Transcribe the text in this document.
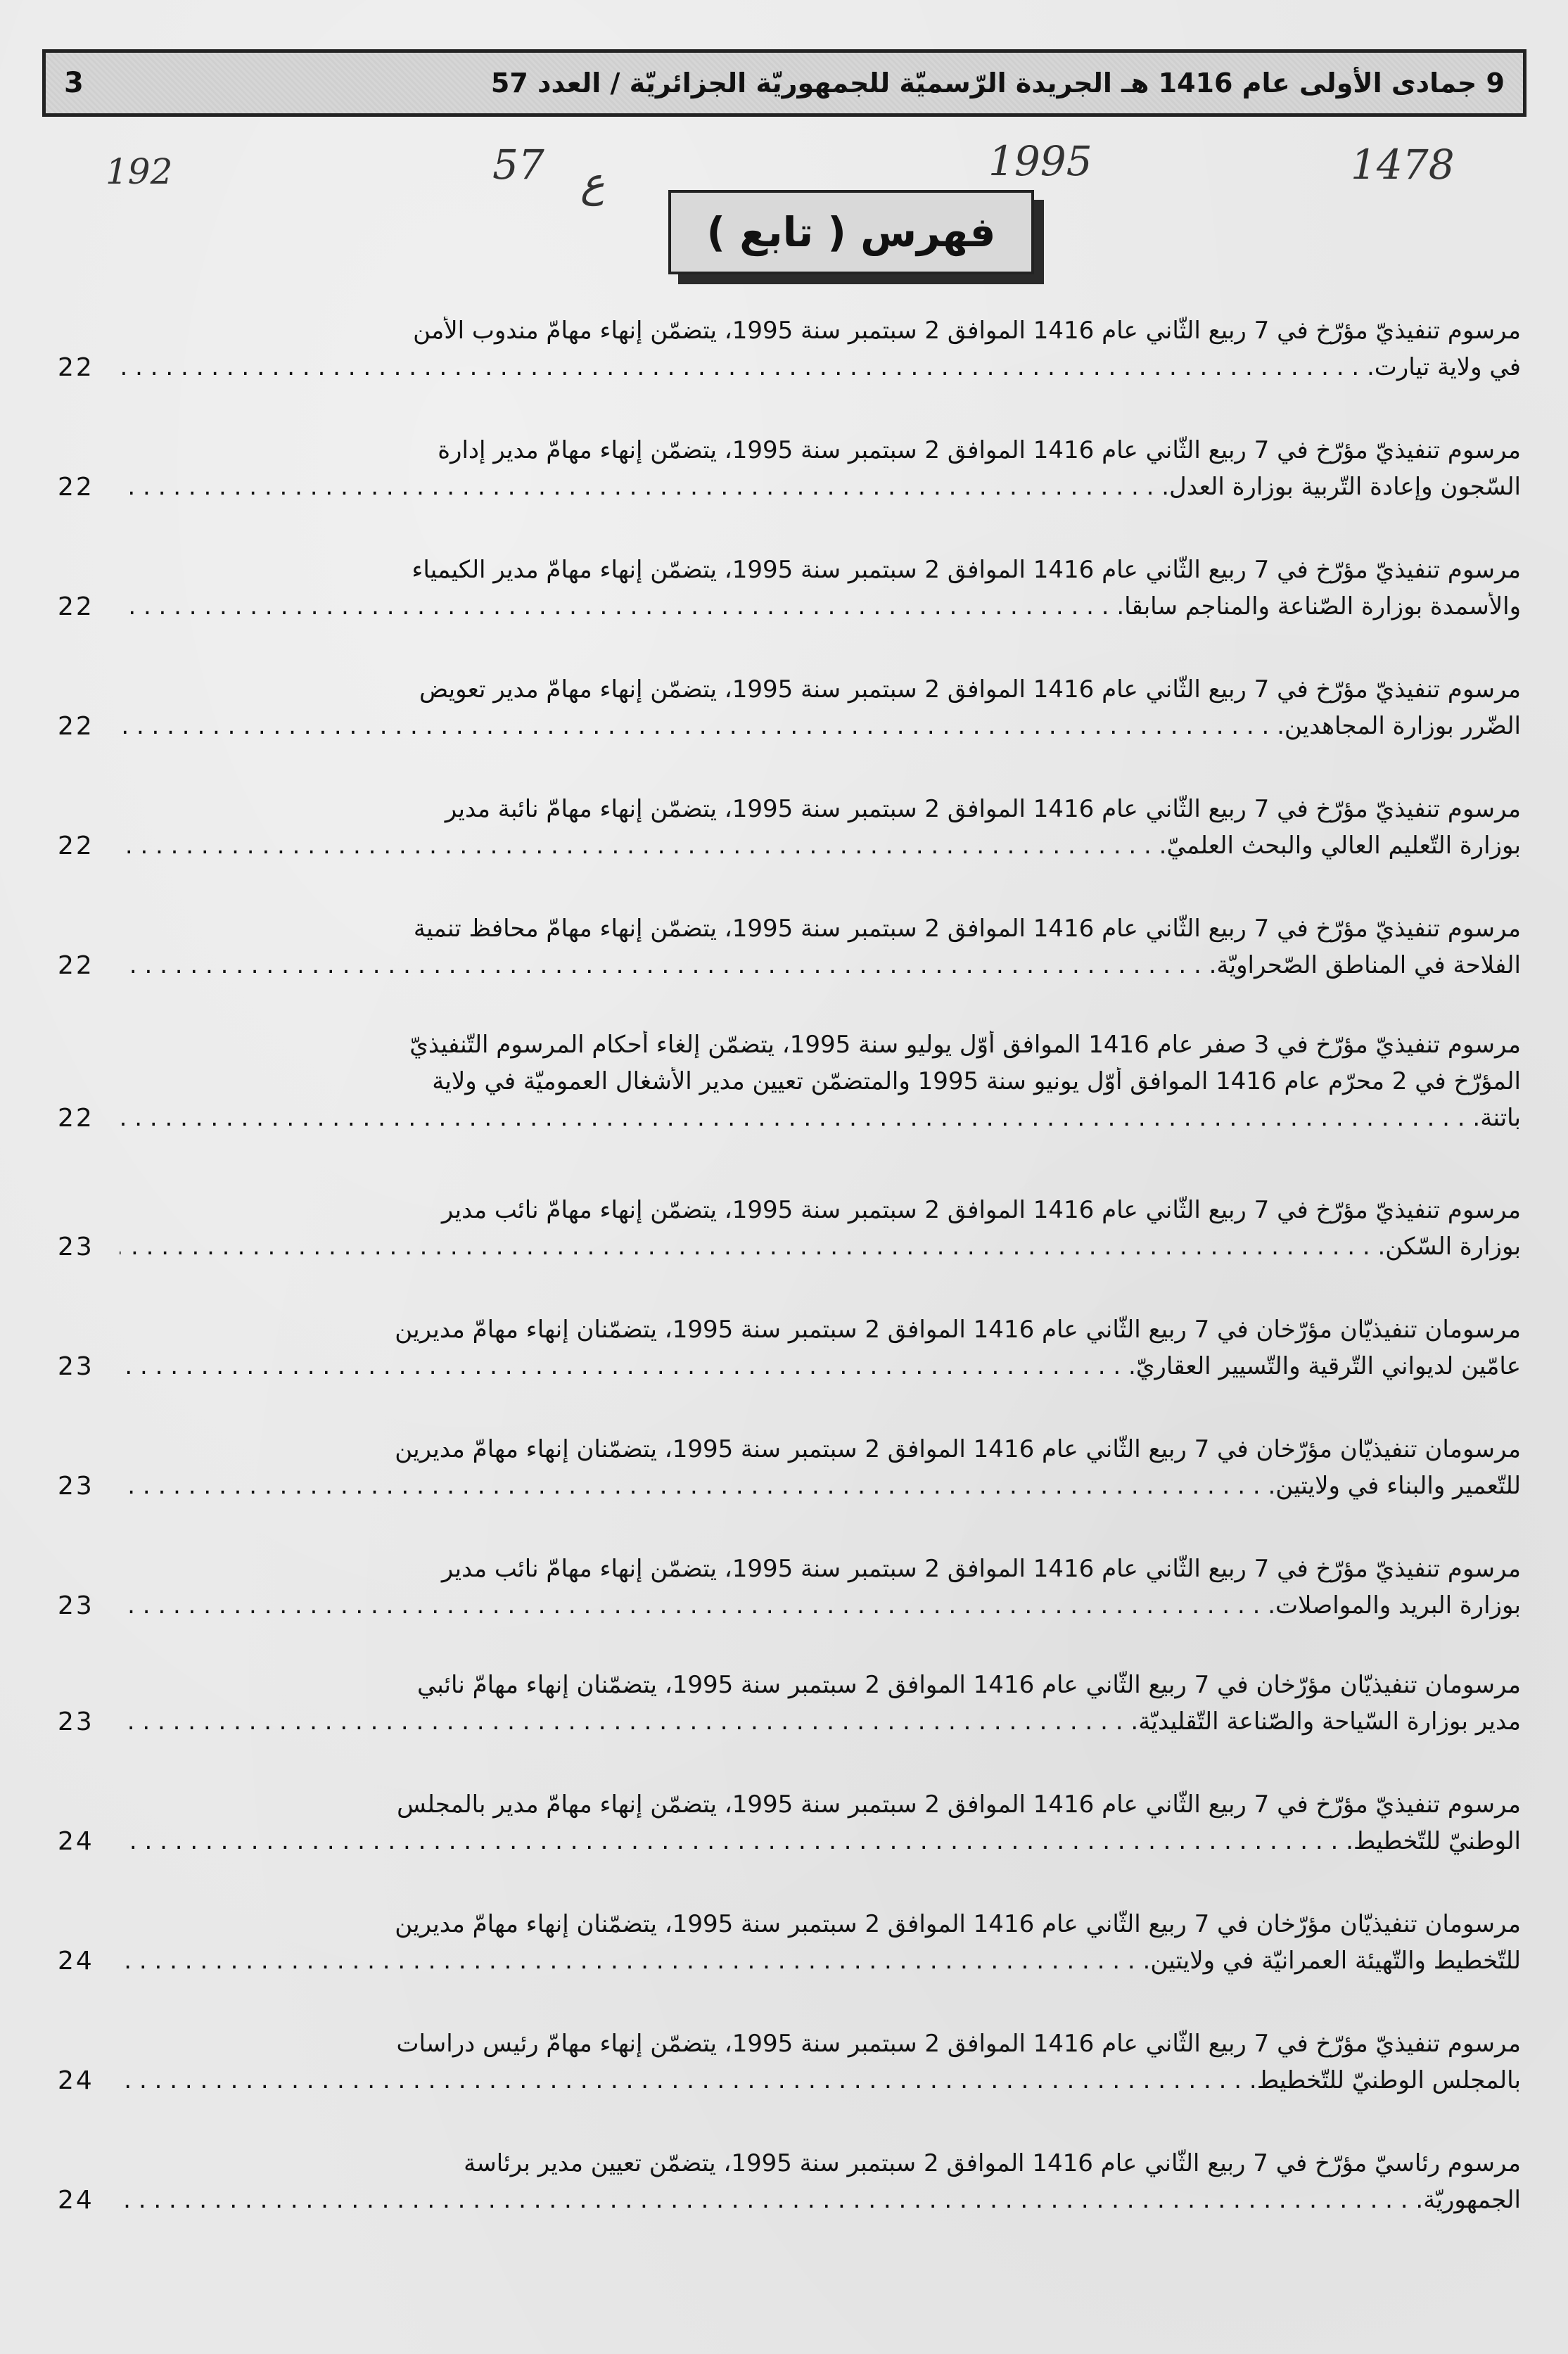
9 جمادى الأولى عام 1416 هـ الجريدة الرّسميّة للجمهوريّة الجزائريّة / العدد 57
3
192	57 ع	1995	1478
فهرس ( تابع )
مرسوم تنفيذيّ مؤرّخ في 7 ربيع الثّاني عام 1416 الموافق 2 سبتمبر سنة 1995، يتضمّن إنهاء مهامّ مندوب الأمن
في ولاية تيارت. . . .
22
مرسوم تنفيذيّ مؤرّخ في 7 ربيع الثّاني عام 1416 الموافق 2 سبتمبر سنة 1995، يتضمّن إنهاء مهامّ مدير إدارة
السّجون وإعادة التّربية بوزارة العدل. . . .
22
مرسوم تنفيذيّ مؤرّخ في 7 ربيع الثّاني عام 1416 الموافق 2 سبتمبر سنة 1995، يتضمّن إنهاء مهامّ مدير الكيمياء
والأسمدة بوزارة الصّناعة والمناجم سابقا. . . .
22
مرسوم تنفيذيّ مؤرّخ في 7 ربيع الثّاني عام 1416 الموافق 2 سبتمبر سنة 1995، يتضمّن إنهاء مهامّ مدير تعويض
الضّرر بوزارة المجاهدين. . . .
22
مرسوم تنفيذيّ مؤرّخ في 7 ربيع الثّاني عام 1416 الموافق 2 سبتمبر سنة 1995، يتضمّن إنهاء مهامّ نائبة مدير
بوزارة التّعليم العالي والبحث العلميّ. . . .
22
مرسوم تنفيذيّ مؤرّخ في 7 ربيع الثّاني عام 1416 الموافق 2 سبتمبر سنة 1995، يتضمّن إنهاء مهامّ محافظ تنمية
الفلاحة في المناطق الصّحراويّة. . . .
22
مرسوم تنفيذيّ مؤرّخ في 3 صفر عام 1416 الموافق أوّل يوليو سنة 1995، يتضمّن إلغاء أحكام المرسوم التّنفيذيّ
المؤرّخ في 2 محرّم عام 1416 الموافق أوّل يونيو سنة 1995 والمتضمّن تعيين مدير الأشغال العموميّة في ولاية
باتنة. . . .
22
مرسوم تنفيذيّ مؤرّخ في 7 ربيع الثّاني عام 1416 الموافق 2 سبتمبر سنة 1995، يتضمّن إنهاء مهامّ نائب مدير
بوزارة السّكن. . . .
23
مرسومان تنفيذيّان مؤرّخان في 7 ربيع الثّاني عام 1416 الموافق 2 سبتمبر سنة 1995، يتضمّنان إنهاء مهامّ مديرين
عامّين لديواني التّرقية والتّسيير العقاريّ. . . .
23
مرسومان تنفيذيّان مؤرّخان في 7 ربيع الثّاني عام 1416 الموافق 2 سبتمبر سنة 1995، يتضمّنان إنهاء مهامّ مديرين
للتّعمير والبناء في ولايتين. . . .
23
مرسوم تنفيذيّ مؤرّخ في 7 ربيع الثّاني عام 1416 الموافق 2 سبتمبر سنة 1995، يتضمّن إنهاء مهامّ نائب مدير
بوزارة البريد والمواصلات. . . .
23
مرسومان تنفيذيّان مؤرّخان في 7 ربيع الثّاني عام 1416 الموافق 2 سبتمبر سنة 1995، يتضمّنان إنهاء مهامّ نائبي
مدير بوزارة السّياحة والصّناعة التّقليديّة. . . .
23
مرسوم تنفيذيّ مؤرّخ في 7 ربيع الثّاني عام 1416 الموافق 2 سبتمبر سنة 1995، يتضمّن إنهاء مهامّ مدير بالمجلس
الوطنيّ للتّخطيط. . . .
24
مرسومان تنفيذيّان مؤرّخان في 7 ربيع الثّاني عام 1416 الموافق 2 سبتمبر سنة 1995، يتضمّنان إنهاء مهامّ مديرين
للتّخطيط والتّهيئة العمرانيّة في ولايتين. . . .
24
مرسوم تنفيذيّ مؤرّخ في 7 ربيع الثّاني عام 1416 الموافق 2 سبتمبر سنة 1995، يتضمّن إنهاء مهامّ رئيس دراسات
بالمجلس الوطنيّ للتّخطيط. . . .
24
مرسوم رئاسيّ مؤرّخ في 7 ربيع الثّاني عام 1416 الموافق 2 سبتمبر سنة 1995، يتضمّن تعيين مدير برئاسة
الجمهوريّة. . . .
24
